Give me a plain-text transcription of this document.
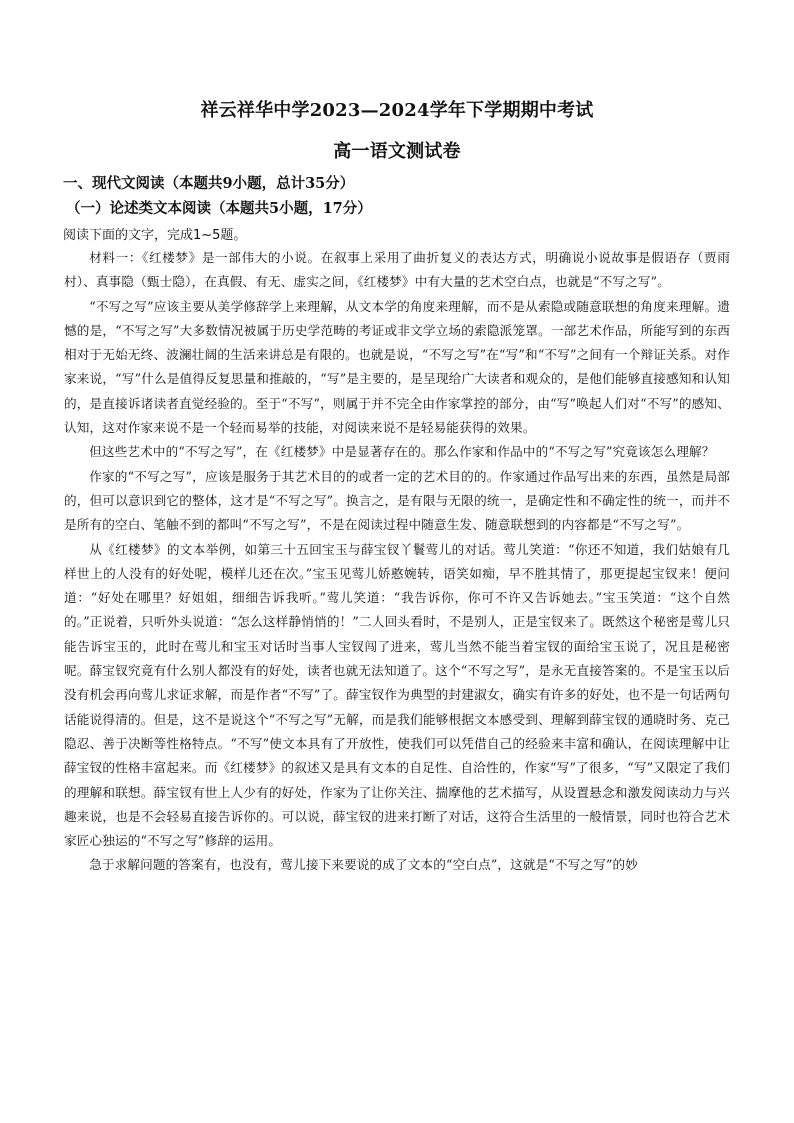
祥云祥华中学2023—2024学年下学期期中考试
高一语文测试卷
一、现代文阅读（本题共9小题，总计35分）
（一）论述类文本阅读（本题共5小题，17分）
阅读下面的文字，完成1~5题。

材料一：《红楼梦》是一部伟大的小说。在叙事上采用了曲折复义的表达方式，明确说小说故事是假语存（贾雨村）、真事隐（甄士隐），在真假、有无、虚实之间，《红楼梦》中有大量的艺术空白点，也就是“不写之写”。

“不写之写”应该主要从美学修辞学上来理解，从文本学的角度来理解，而不是从索隐或随意联想的角度来理解。遗憾的是，“不写之写”大多数情况被属于历史学范畴的考证或非文学立场的索隐派笼罩。一部艺术作品，所能写到的东西相对于无始无终、波澜壮阔的生活来讲总是有限的。也就是说，“不写之写”在“写”和“不写”之间有一个辩证关系。对作家来说，“写”什么是值得反复思量和推敲的，“写”是主要的，是呈现给广大读者和观众的，是他们能够直接感知和认知的，是直接诉诸读者直觉经验的。至于“不写”，则属于并不完全由作家掌控的部分，由“写”唤起人们对“不写”的感知、认知，这对作家来说不是一个轻而易举的技能，对阅读来说不是轻易能获得的效果。

但这些艺术中的“不写之写”，在《红楼梦》中是显著存在的。那么作家和作品中的“不写之写”究竟该怎么理解？

作家的“不写之写”，应该是服务于其艺术目的的或者一定的艺术目的的。作家通过作品写出来的东西，虽然是局部的，但可以意识到它的整体，这才是“不写之写”。换言之，是有限与无限的统一，是确定性和不确定性的统一，而并不是所有的空白、笔触不到的都叫“不写之写”，不是在阅读过程中随意生发、随意联想到的内容都是“不写之写”。

从《红楼梦》的文本举例，如第三十五回宝玉与薛宝钗丫鬟莺儿的对话。莺儿笑道：“你还不知道，我们姑娘有几样世上的人没有的好处呢，模样儿还在次。”宝玉见莺儿娇憨婉转，语笑如痴，早不胜其情了，那更提起宝钗来！便问道：“好处在哪里？好姐姐，细细告诉我听。”莺儿笑道：“我告诉你，你可不许又告诉她去。”宝玉笑道：“这个自然的。”正说着，只听外头说道：“怎么这样静悄悄的！”二人回头看时，不是别人，正是宝钗来了。既然这个秘密是莺儿只能告诉宝玉的，此时在莺儿和宝玉对话时当事人宝钗闯了进来，莺儿当然不能当着宝钗的面给宝玉说了，况且是秘密呢。薛宝钗究竟有什么别人都没有的好处，读者也就无法知道了。这个“不写之写”，是永无直接答案的。不是宝玉以后没有机会再向莺儿求证求解，而是作者“不写”了。薛宝钗作为典型的封建淑女，确实有许多的好处，也不是一句话两句话能说得清的。但是，这不是说这个“不写之写”无解，而是我们能够根据文本感受到、理解到薛宝钗的通晓时务、克己隐忍、善于决断等性格特点。“不写”使文本具有了开放性，使我们可以凭借自己的经验来丰富和确认，在阅读理解中让薛宝钗的性格丰富起来。而《红楼梦》的叙述又是具有文本的自足性、自洽性的，作家“写”了很多，“写”又限定了我们的理解和联想。薛宝钗有世上人少有的好处，作家为了让你关注、揣摩他的艺术描写，从设置悬念和激发阅读动力与兴趣来说，也是不会轻易直接告诉你的。可以说，薛宝钗的进来打断了对话，这符合生活里的一般情景，同时也符合艺术家匠心独运的“不写之写”修辞的运用。

急于求解问题的答案有，也没有，莺儿接下来要说的成了文本的“空白点”，这就是“不写之写”的妙
